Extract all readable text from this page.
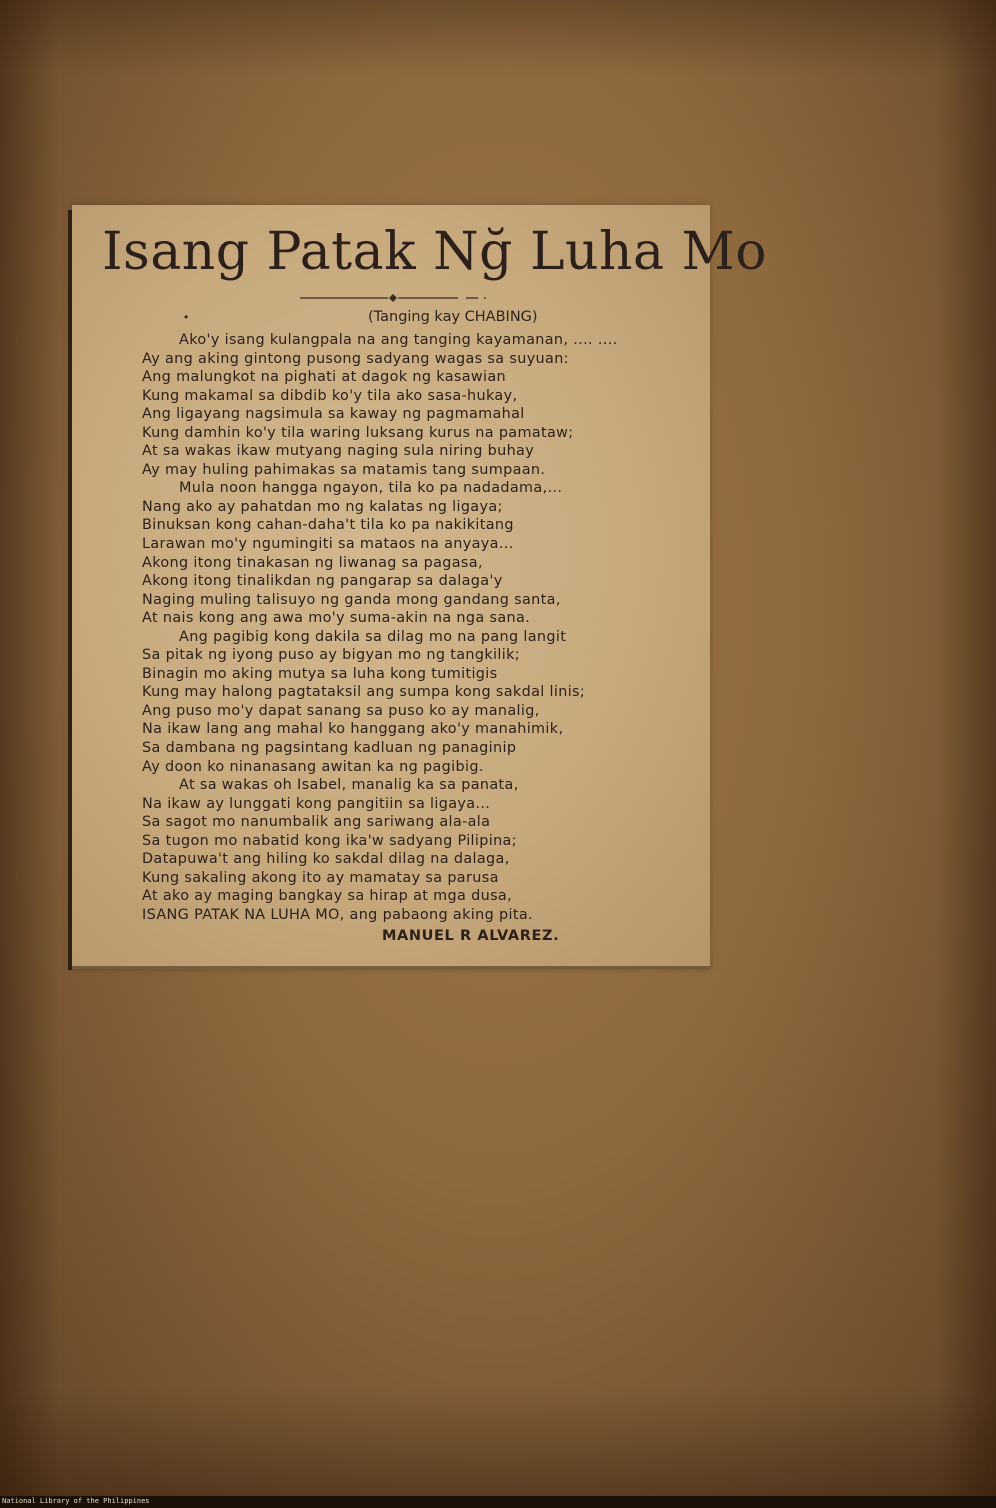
Isang Patak Nğ Luha Mo
•	(Tanging kay CHABING)
Ako'y isang kulangpala na ang tanging kayamanan, .... ....
Ay ang aking gintong pusong sadyang wagas sa suyuan:
Ang malungkot na pighati at dagok ng kasawian
Kung makamal sa dibdib ko'y tila ako sasa-hukay,
Ang ligayang nagsimula sa kaway ng pagmamahal
Kung damhin ko'y tila waring luksang kurus na pamataw;
At sa wakas ikaw mutyang naging sula niring buhay
Ay may huling pahimakas sa matamis tang sumpaan.
Mula noon hangga ngayon, tila ko pa nadadama,...
Nang ako ay pahatdan mo ng kalatas ng ligaya;
Binuksan kong cahan-daha't tila ko pa nakikitang
Larawan mo'y ngumingiti sa mataos na anyaya...
Akong itong tinakasan ng liwanag sa pagasa,
Akong itong tinalikdan ng pangarap sa dalaga'y
Naging muling talisuyo ng ganda mong gandang santa,
At nais kong ang awa mo'y suma-akin na nga sana.
Ang pagibig kong dakila sa dilag mo na pang langit
Sa pitak ng iyong puso ay bigyan mo ng tangkilik;
Binagin mo aking mutya sa luha kong tumitigis
Kung may halong pagtataksil ang sumpa kong sakdal linis;
Ang puso mo'y dapat sanang sa puso ko ay manalig,
Na ikaw lang ang mahal ko hanggang ako'y manahimik,
Sa dambana ng pagsintang kadluan ng panaginip
Ay doon ko ninanasang awitan ka ng pagibig.
At sa wakas oh Isabel, manalig ka sa panata,
Na ikaw ay lunggati kong pangitiin sa ligaya...
Sa sagot mo nanumbalik ang sariwang ala-ala
Sa tugon mo nabatid kong ika'w sadyang Pilipina;
Datapuwa't ang hiling ko sakdal dilag na dalaga,
Kung sakaling akong ito ay mamatay sa parusa
At ako ay maging bangkay sa hirap at mga dusa,
ISANG PATAK NA LUHA MO, ang pabaong aking pita.
MANUEL R ALVAREZ.
National Library of the Philippines
